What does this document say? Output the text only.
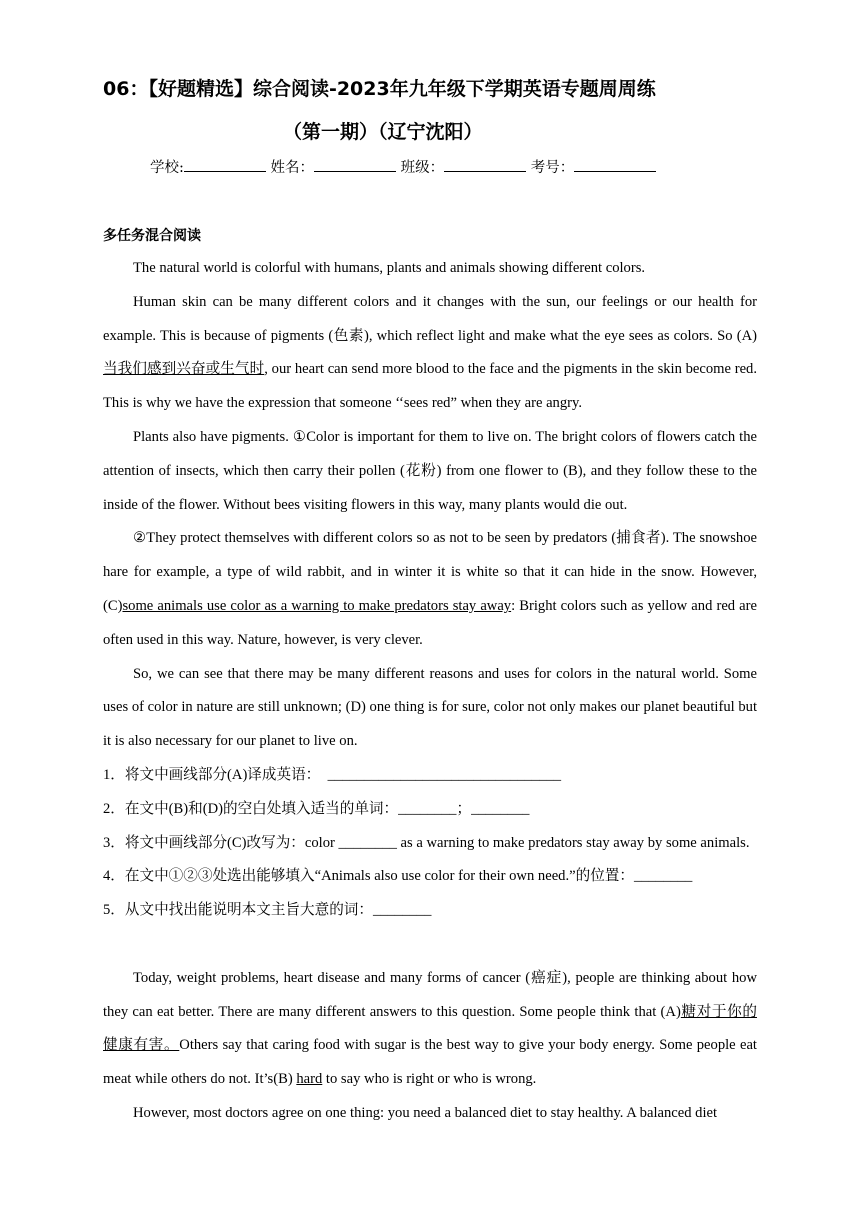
06：【好题精选】综合阅读-2023年九年级下学期英语专题周周练
（第一期）（辽宁沈阳）
学校:	姓名：	班级：	考号：
多任务混合阅读

The natural world is colorful with humans, plants and animals showing different colors.

Human skin can be many different colors and it changes with the sun, our feelings or our health for example. This is because of pigments (色素), which reflect light and make what the eye sees as colors. So (A)当我们感到兴奋或生气时, our heart can send more blood to the face and the pigments in the skin become red. This is why we have the expression that someone ‘‘sees red” when they are angry.

Plants also have pigments. ①Color is important for them to live on. The bright colors of flowers catch the attention of insects, which then carry their pollen (花粉) from one flower to (B), and they follow these to the inside of the flower. Without bees visiting flowers in this way, many plants would die out.

②They protect themselves with different colors so as not to be seen by predators (捕食者). The snowshoe hare for example, a type of wild rabbit, and in winter it is white so that it can hide in the snow. However,　(C)some animals use color as a warning to make predators stay away: Bright colors such as yellow and red are often used in this way. Nature, however, is very clever.

So, we can see that there may be many different reasons and uses for colors in the natural world. Some uses of color in nature are still unknown; (D) one thing is for sure, color not only makes our planet beautiful but it is also necessary for our planet to live on.

1．将文中画线部分(A)译成英语：　________________________________

2．在文中(B)和(D)的空白处填入适当的单词：________；________

3．将文中画线部分(C)改写为：color ________ as a warning to make predators stay away by some animals.

4．在文中①②③处选出能够填入“Animals also use color for their own need.”的位置：________

5．从文中找出能说明本文主旨大意的词：________

Today, weight problems, heart disease and many forms of cancer (癌症), people are thinking about how they can eat better. There are many different answers to this question. Some people think that (A)糖对于你的健康有害。Others say that caring food with sugar is the best way to give your body energy. Some people eat meat while others do not. It’s(B) hard to say who is right or who is wrong.

However, most doctors agree on one thing: you need a balanced diet to stay healthy. A balanced diet
